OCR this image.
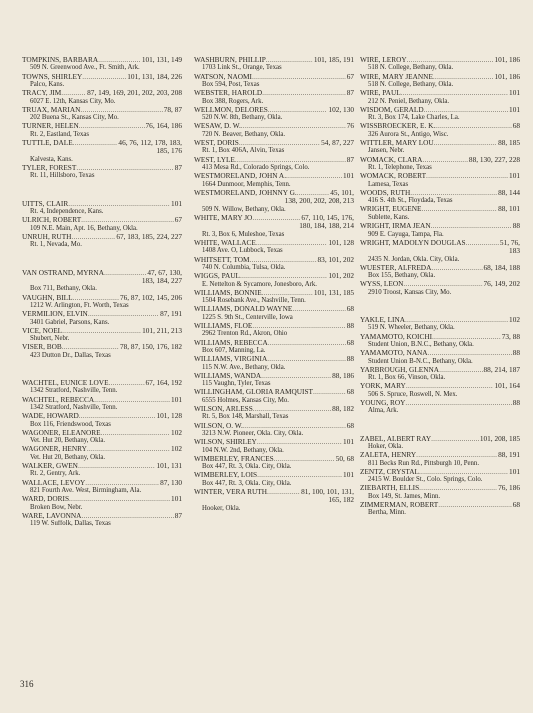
TOMPKINS, BARBARA .....	101, 131, 149
509 N. Greenwood Ave., Ft. Smith, Ark.
TOWNS, SHIRLEY .....	101, 131, 184, 226
Palco, Kans.
TRACY, JIM .....	87, 149, 169, 201, 202, 203, 208
6027 E. 12th, Kansas City, Mo.
TRUAX, MARIAN .....	78, 87
202 Buena St., Kansas City, Mo.
TURNER, HELEN .....	76, 164, 186
Rt. 2, Eastland, Texas
TUTTLE, DALE .....	46, 76, 112, 178, 183,
185, 176
Kalvesta, Kans.
TYLER, FOREST .....	87
Rt. 11, Hillsboro, Texas
UITTS, CLAIR .....	101
Rt. 4, Independence, Kans.
ULRICH, ROBERT .....	67
109 N.E. Main, Apt. 16, Bethany, Okla.
UNRUH, RUTH .....	67, 183, 185, 224, 227
Rt. 1, Nevada, Mo.
VAN OSTRAND, MYRNA .....	47, 67, 130,
183, 184, 227
Box 711, Bethany, Okla.
VAUGHN, BILL .....	76, 87, 102, 145, 206
1212 W. Arlington, Ft. Worth, Texas
VERMILION, ELVIN .....	87, 191
3401 Gabriel, Parsons, Kans.
VICE, NOEL .....	101, 211, 213
Shubert, Nebr.
VISER, BOB .....	78, 87, 150, 176, 182
423 Dutton Dr., Dallas, Texas
WACHTEL, EUNICE LOVE .....	67, 164, 192
1342 Stratford, Nashville, Tenn.
WACHTEL, REBECCA .....	101
1342 Stratford, Nashville, Tenn.
WADE, HOWARD .....	101, 128
Box 116, Friendswood, Texas
WAGONER, ELEANORE .....	102
Vet. Hut 20, Bethany, Okla.
WAGONER, HENRY .....	102
Vet. Hut 20, Bethany, Okla.
WALKER, GWEN .....	101, 131
Rt. 2, Gentry, Ark.
WALLACE, LEVOY .....	87, 130
821 Fourth Ave. West, Birmingham, Ala.
WARD, DORIS .....	101
Broken Bow, Nebr.
WARE, LAVONNA .....	87
119 W. Suffolk, Dallas, Texas
WASHBURN, PHILLIP .....	101, 185, 191
1703 Link St., Orange, Texas
WATSON, NAOMI .....	67
Box 594, Post, Texas
WEBSTER, HAROLD .....	87
Box 388, Rogers, Ark.
WELLMON, DELORES .....	102, 130
520 N.W. 8th, Bethany, Okla.
WESAW, D. W. .....	76
720 N. Beaver, Bethany, Okla.
WEST, DORIS .....	54, 87, 227
Rt. 1, Box 406A, Alvin, Texas
WEST, LYLE .....	87
413 Mesa Rd., Colorado Springs, Colo.
WESTMORELAND, JOHN A. .....	101
1664 Dunmoor, Memphis, Tenn.
WESTMORELAND, JOHNNY G. .....	45, 101,
138, 200, 202, 208, 213
509 N. Willow, Bethany, Okla.
WHITE, MARY JO .....	67, 110, 145, 176,
180, 184, 188, 214
Rt. 3, Box 6, Muleshoe, Texas
WHITE, WALLACE .....	101, 128
1408 Ave. O, Lubbock, Texas
WHITSETT, TOM .....	83, 101, 202
740 N. Columbia, Tulsa, Okla.
WIGGS, PAUL .....	101, 202
E. Nettelton & Sycamore, Jonesboro, Ark.
WILLIAMS, BONNIE .....	101, 131, 185
1504 Rosebank Ave., Nashville, Tenn.
WILLIAMS, DONALD WAYNE .....	68
1225 S. 9th St., Centerville, Iowa
WILLIAMS, FLOE .....	88
2962 Trenton Rd., Akron, Ohio
WILLIAMS, REBECCA .....	68
Box 607, Manning, La.
WILLIAMS, VIRGINIA .....	88
115 N.W. Ave., Bethany, Okla.
WILLIAMS, WANDA .....	88, 186
115 Vaughn, Tyler, Texas
WILLINGHAM, GLORIA RAMQUIST .....	68
6555 Holmes, Kansas City, Mo.
WILSON, ARLESS .....	88, 182
Rt. 5, Box 148, Marshall, Texas
WILSON, O. W. .....	68
3213 N.W. Pioneer, Okla. City, Okla.
WILSON, SHIRLEY .....	101
104 N.W. 2nd, Bethany, Okla.
WIMBERLEY, FRANCES .....	50, 68
Box 447, Rt. 3, Okla. City, Okla.
WIMBERLEY, LOIS .....	101
Box 447, Rt. 3, Okla. City, Okla.
WINTER, VERA RUTH .....	81, 100, 101, 131,
165, 182
Hooker, Okla.
WIRE, LEROY .....	101, 186
518 N. College, Bethany, Okla.
WIRE, MARY JEANNE .....	101, 186
518 N. College, Bethany, Okla.
WIRE, PAUL .....	101
212 N. Peniel, Bethany, Okla.
WISDOM, GERALD .....	101
Rt. 3, Box 174, Lake Charles, La.
WISSBROECKER, E. K. .....	68
326 Aurora St., Antigo, Wisc.
WITTLER, MARY LOU .....	88, 185
Jansen, Nebr.
WOMACK, CLARA .....	88, 130, 227, 228
Rt. 1, Telephone, Texas
WOMACK, ROBERT .....	101
Lamesa, Texas
WOODS, RUTH .....	88, 144
416 S. 4th St., Floydada, Texas
WRIGHT, EUGENE .....	88, 101
Sublette, Kans.
WRIGHT, IRMA JEAN .....	88
909 E. Cayuga, Tampa, Fla.
WRIGHT, MADOLYN DOUGLAS .....	51, 76,
183
2435 N. Jordan, Okla. City, Okla.
WUESTER, ALFREDA .....	68, 184, 188
Box 155, Bethany, Okla.
WYSS, LEON .....	76, 149, 202
2910 Troost, Kansas City, Mo.
YAKLE, LINA .....	102
519 N. Wheeler, Bethany, Okla.
YAMAMOTO, KOICHI .....	73, 88
Student Union, B.N.C., Bethany, Okla.
YAMAMOTO, NANA .....	88
Student Union B-N.C., Bethany, Okla.
YARBROUGH, GLENNA .....	88, 214, 187
Rt. 1, Box 66, Vinson, Okla.
YORK, MARY .....	101, 164
506 S. Spruce, Roswell, N. Mex.
YOUNG, ROY .....	88
Alma, Ark.
ZABEL, ALBERT RAY .....	101, 208, 185
Hoker, Okla.
ZALETA, HENRY .....	88, 191
811 Becks Run Rd., Pittsburgh 10, Penn.
ZENTZ, CRYSTAL .....	101
2415 W. Boulder St., Colo. Springs, Colo.
ZIEBARTH, ELLIS .....	76, 186
Box 149, St. James, Minn.
ZIMMERMAN, ROBERT .....	68
Bertha, Minn.
316
